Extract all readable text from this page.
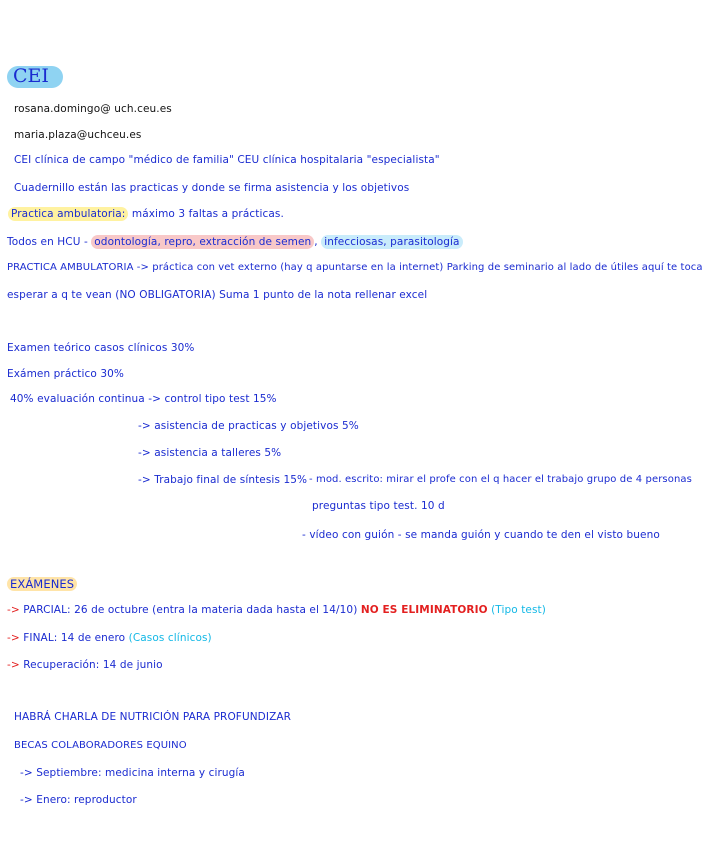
CEI
rosana.domingo@ uch.ceu.es
maria.plaza@uchceu.es
CEI clínica de campo "médico de familia" CEU clínica hospitalaria "especialista"
Cuadernillo están las practicas y donde se firma asistencia y los objetivos
Practica ambulatoria: máximo 3 faltas a prácticas.
Todos en HCU - odontología, repro, extracción de semen , infecciosas, parasitología
PRACTICA AMBULATORIA -> práctica con vet externo (hay q apuntarse en la internet) Parking de seminario al lado de útiles aquí te toca
esperar a q te vean (NO OBLIGATORIA) Suma 1 punto de la nota rellenar excel
Examen teórico casos clínicos 30%
Exámen práctico 30%
40% evaluación continua -> control tipo test 15%
-> asistencia de practicas y objetivos 5%
-> asistencia a talleres 5%
-> Trabajo final de síntesis 15% - mod. escrito: mirar el profe con el q hacer el trabajo grupo de 4 personas
preguntas tipo test. 10 d
- vídeo con guión - se manda guión y cuando te den el visto bueno
EXÁMENES
-> PARCIAL: 26 de octubre (entra la materia dada hasta el 14/10) NO ES ELIMINATORIO (Tipo test)
-> FINAL: 14 de enero (Casos clínicos)
-> Recuperación: 14 de junio
HABRÁ CHARLA DE NUTRICIÓN PARA PROFUNDIZAR
BECAS COLABORADORES EQUINO
-> Septiembre: medicina interna y cirugía
-> Enero: reproductor
